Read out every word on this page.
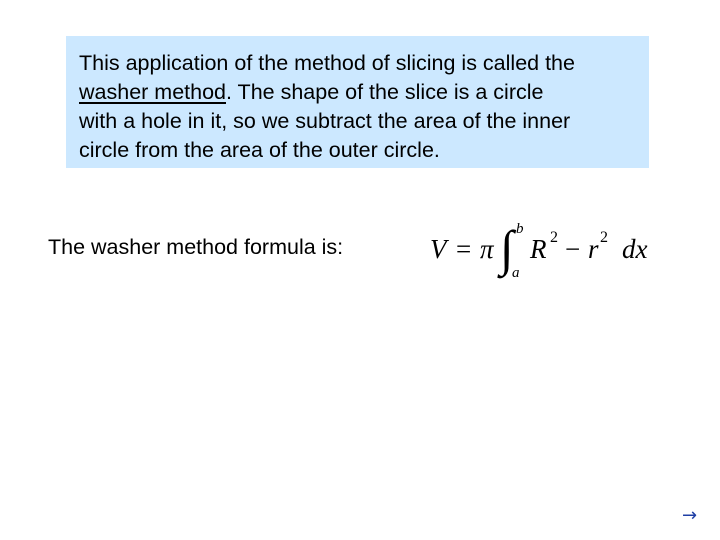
This application of the method of slicing is called the
washer method. The shape of the slice is a circle
with a hole in it, so we subtract the area of the inner
circle from the area of the outer circle.

The washer method formula is:	V = π ∫ b
a
R 2 − r 2 dx
→
